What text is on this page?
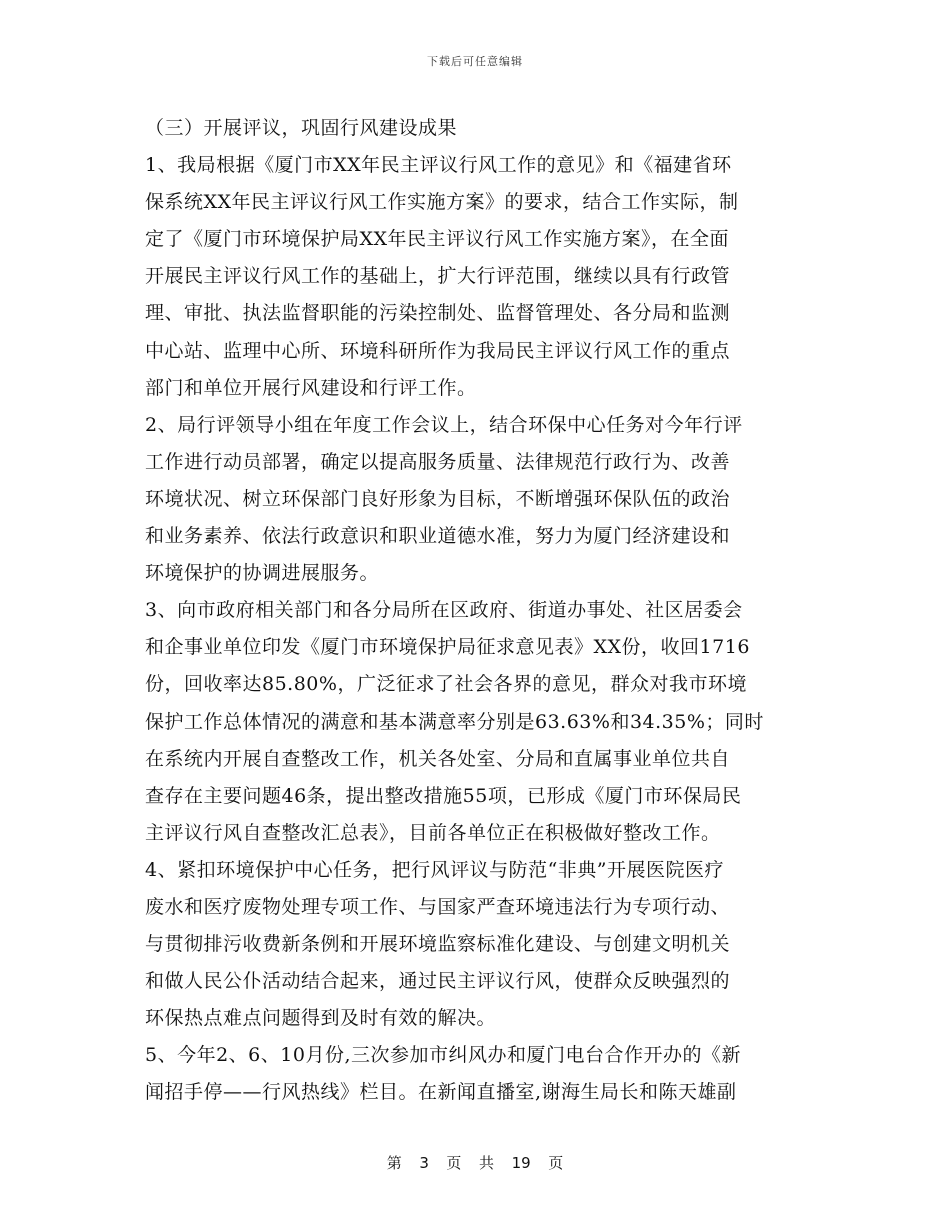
下载后可任意编辑
（三）开展评议，巩固行风建设成果
1、我局根据《厦门市XX年民主评议行风工作的意见》和《福建省环
保系统XX年民主评议行风工作实施方案》的要求，结合工作实际，制
定了《厦门市环境保护局XX年民主评议行风工作实施方案》，在全面
开展民主评议行风工作的基础上，扩大行评范围，继续以具有行政管
理、审批、执法监督职能的污染控制处、监督管理处、各分局和监测
中心站、监理中心所、环境科研所作为我局民主评议行风工作的重点
部门和单位开展行风建设和行评工作。
2、局行评领导小组在年度工作会议上，结合环保中心任务对今年行评
工作进行动员部署，确定以提高服务质量、法律规范行政行为、改善
环境状况、树立环保部门良好形象为目标，不断增强环保队伍的政治
和业务素养、依法行政意识和职业道德水准，努力为厦门经济建设和
环境保护的协调进展服务。
3、向市政府相关部门和各分局所在区政府、街道办事处、社区居委会
和企事业单位印发《厦门市环境保护局征求意见表》XX份，收回1716
份，回收率达85.80%，广泛征求了社会各界的意见，群众对我市环境
保护工作总体情况的满意和基本满意率分别是63.63%和34.35%；同时
在系统内开展自查整改工作，机关各处室、分局和直属事业单位共自
查存在主要问题46条，提出整改措施55项，已形成《厦门市环保局民
主评议行风自查整改汇总表》，目前各单位正在积极做好整改工作。
4、紧扣环境保护中心任务，把行风评议与防范“非典”开展医院医疗
废水和医疗废物处理专项工作、与国家严查环境违法行为专项行动、
与贯彻排污收费新条例和开展环境监察标准化建设、与创建文明机关
和做人民公仆活动结合起来，通过民主评议行风，使群众反映强烈的
环保热点难点问题得到及时有效的解决。
5、今年2、6、10月份,三次参加市纠风办和厦门电台合作开办的《新
闻招手停——行风热线》栏目。在新闻直播室,谢海生局长和陈天雄副
第 3 页 共 19 页
